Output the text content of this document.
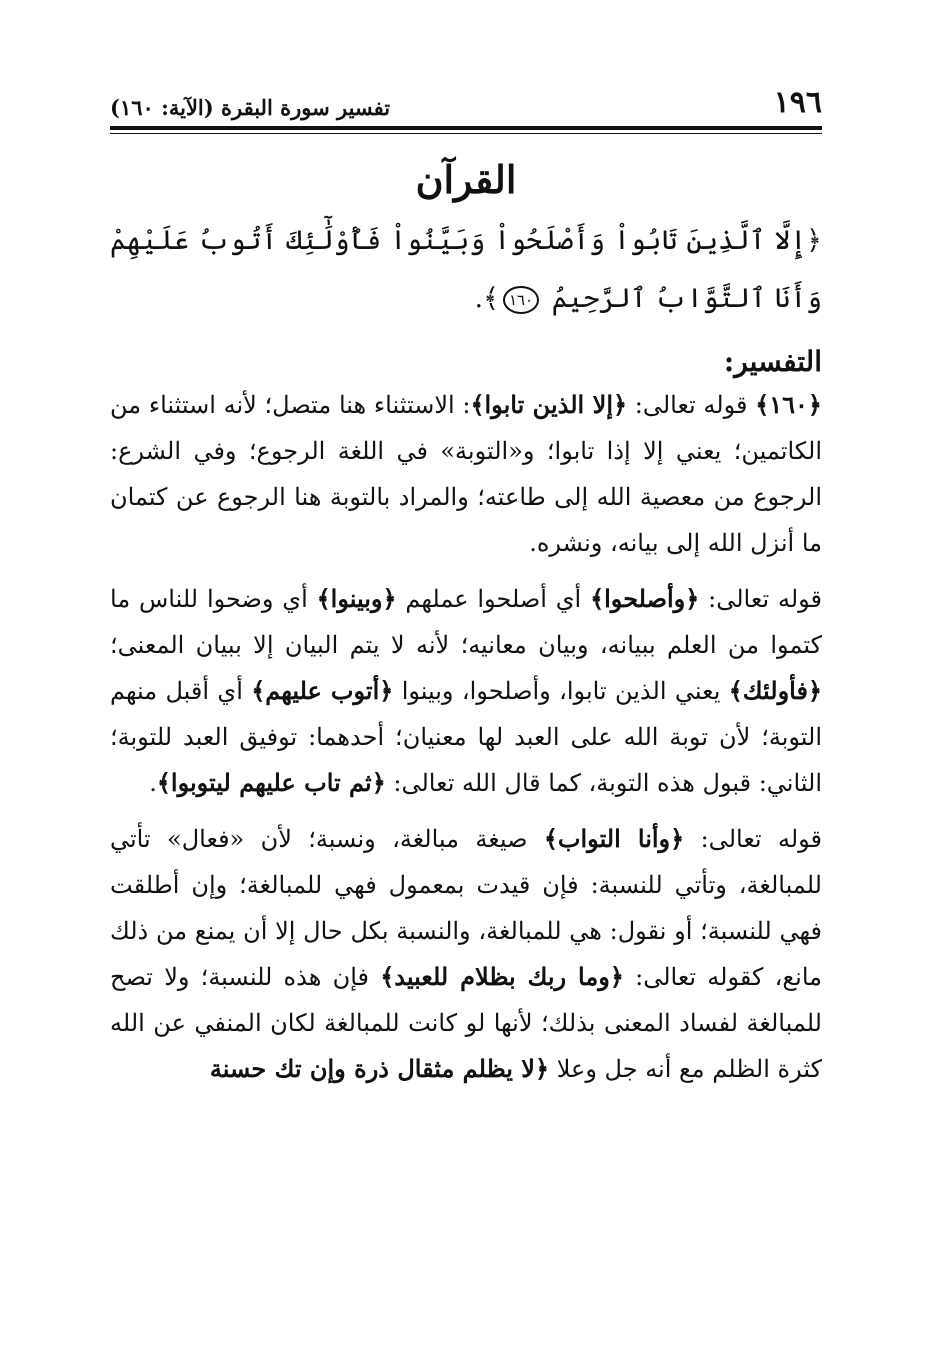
١٩٦
تفسير سورة البقرة (الآية: ١٦٠)
القرآن
﴿إِلَّا ٱلَّذِينَ تَابُواْ وَأَصْلَحُواْ وَبَيَّنُواْ فَأُوْلَٰٓئِكَ أَتُوبُ عَلَيْهِمْ وَأَنَا ٱلتَّوَّابُ ٱلرَّحِيمُ ١٦٠﴾.
التفسير:

﴿١٦٠﴾ قوله تعالى: ﴿إلا الذين تابوا﴾: الاستثناء هنا متصل؛ لأنه استثناء من الكاتمين؛ يعني إلا إذا تابوا؛ و«التوبة» في اللغة الرجوع؛ وفي الشرع: الرجوع من معصية الله إلى طاعته؛ والمراد بالتوبة هنا الرجوع عن كتمان ما أنزل الله إلى بيانه، ونشره.

قوله تعالى: ﴿وأصلحوا﴾ أي أصلحوا عملهم ﴿وبينوا﴾ أي وضحوا للناس ما كتموا من العلم ببيانه، وبيان معانيه؛ لأنه لا يتم البيان إلا ببيان المعنى؛ ﴿فأولئك﴾ يعني الذين تابوا، وأصلحوا، وبينوا ﴿أتوب عليهم﴾ أي أقبل منهم التوبة؛ لأن توبة الله على العبد لها معنيان؛ أحدهما: توفيق العبد للتوبة؛ الثاني: قبول هذه التوبة، كما قال الله تعالى: ﴿ثم تاب عليهم ليتوبوا﴾.

قوله تعالى: ﴿وأنا التواب﴾ صيغة مبالغة، ونسبة؛ لأن «فعال» تأتي للمبالغة، وتأتي للنسبة: فإن قيدت بمعمول فهي للمبالغة؛ وإن أطلقت فهي للنسبة؛ أو نقول: هي للمبالغة، والنسبة بكل حال إلا أن يمنع من ذلك مانع، كقوله تعالى: ﴿وما ربك بظلام للعبيد﴾ فإن هذه للنسبة؛ ولا تصح للمبالغة لفساد المعنى بذلك؛ لأنها لو كانت للمبالغة لكان المنفي عن الله كثرة الظلم مع أنه جل وعلا ﴿لا يظلم مثقال ذرة وإن تك حسنة
